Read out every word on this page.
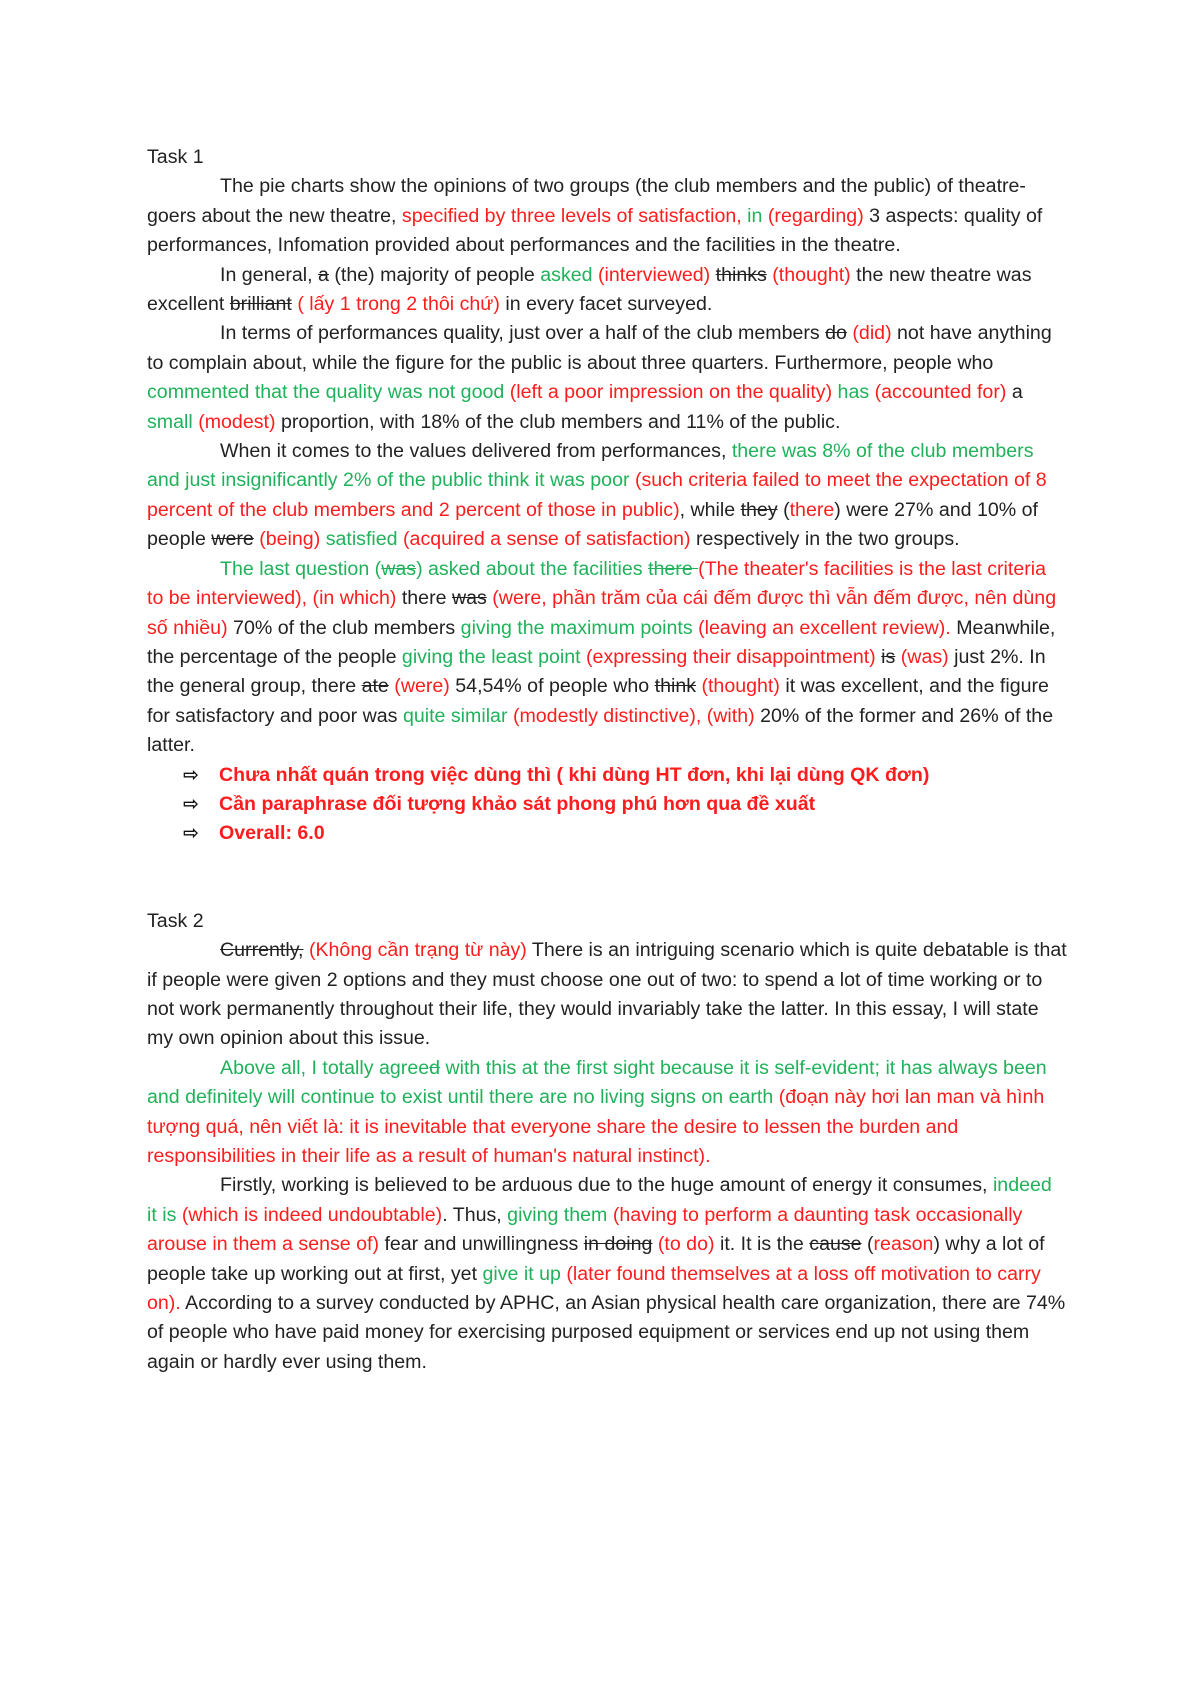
Task 1

The pie charts show the opinions of two groups (the club members and the public) of theatre-goers about the new theatre, specified by three levels of satisfaction, in (regarding) 3 aspects: quality of performances, Infomation provided about performances and the facilities in the theatre.

In general, a (the) majority of people asked (interviewed) thinks (thought) the new theatre was excellent brilliant ( lấy 1 trong 2 thôi chứ) in every facet surveyed.

In terms of performances quality, just over a half of the club members do (did) not have anything to complain about, while the figure for the public is about three quarters. Furthermore, people who commented that the quality was not good (left a poor impression on the quality) has (accounted for) a small (modest) proportion, with 18% of the club members and 11% of the public.

When it comes to the values delivered from performances, there was 8% of the club members and just insignificantly 2% of the public think it was poor (such criteria failed to meet the expectation of 8 percent of the club members and 2 percent of those in public), while they (there) were 27% and 10% of people were (being) satisfied (acquired a sense of satisfaction) respectively in the two groups.

The last question (was) asked about the facilities there (The theater's facilities is the last criteria to be interviewed), (in which) there was (were, phần trăm của cái đếm được thì vẫn đếm được, nên dùng số nhiều) 70% of the club members giving the maximum points (leaving an excellent review). Meanwhile, the percentage of the people giving the least point (expressing their disappointment) is (was) just 2%. In the general group, there ate (were) 54,54% of people who think (thought) it was excellent, and the figure for satisfactory and poor was quite similar (modestly distinctive), (with) 20% of the former and 26% of the latter.

⇨ Chưa nhất quán trong việc dùng thì ( khi dùng HT đơn, khi lại dùng QK đơn)
⇨ Cần paraphrase đối tượng khảo sát phong phú hơn qua đề xuất
⇨ Overall: 6.0

Task 2

Currently, (Không cần trạng từ này) There is an intriguing scenario which is quite debatable is that if people were given 2 options and they must choose one out of two: to spend a lot of time working or to not work permanently throughout their life, they would invariably take the latter. In this essay, I will state my own opinion about this issue.

Above all, I totally agreed with this at the first sight because it is self-evident; it has always been and definitely will continue to exist until there are no living signs on earth (đoạn này hơi lan man và hình tượng quá, nên viết là: it is inevitable that everyone share the desire to lessen the burden and responsibilities in their life as a result of human's natural instinct).

Firstly, working is believed to be arduous due to the huge amount of energy it consumes, indeed it is (which is indeed undoubtable). Thus, giving them (having to perform a daunting task occasionally arouse in them a sense of) fear and unwillingness in doing (to do) it. It is the cause (reason) why a lot of people take up working out at first, yet give it up (later found themselves at a loss off motivation to carry on). According to a survey conducted by APHC, an Asian physical health care organization, there are 74% of people who have paid money for exercising purposed equipment or services end up not using them again or hardly ever using them.
